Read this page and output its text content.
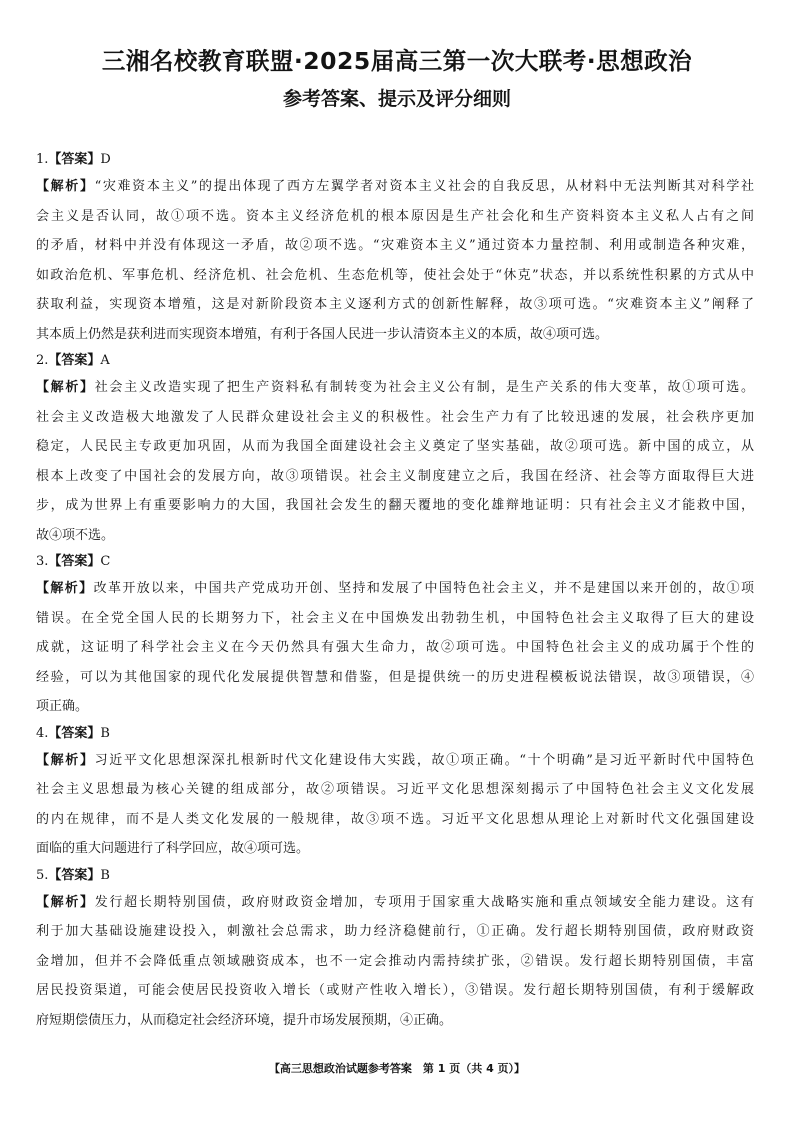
三湘名校教育联盟·2025届高三第一次大联考·思想政治
参考答案、提示及评分细则
1.【答案】D
【解析】“灾难资本主义”的提出体现了西方左翼学者对资本主义社会的自我反思，从材料中无法判断其对科学社
会主义是否认同，故①项不选。资本主义经济危机的根本原因是生产社会化和生产资料资本主义私人占有之间
的矛盾，材料中并没有体现这一矛盾，故②项不选。“灾难资本主义”通过资本力量控制、利用或制造各种灾难，
如政治危机、军事危机、经济危机、社会危机、生态危机等，使社会处于“休克”状态，并以系统性积累的方式从中
获取利益，实现资本增殖，这是对新阶段资本主义逐利方式的创新性解释，故③项可选。“灾难资本主义”阐释了
其本质上仍然是获利进而实现资本增殖，有利于各国人民进一步认清资本主义的本质，故④项可选。
2.【答案】A
【解析】社会主义改造实现了把生产资料私有制转变为社会主义公有制，是生产关系的伟大变革，故①项可选。
社会主义改造极大地激发了人民群众建设社会主义的积极性。社会生产力有了比较迅速的发展，社会秩序更加
稳定，人民民主专政更加巩固，从而为我国全面建设社会主义奠定了坚实基础，故②项可选。新中国的成立，从
根本上改变了中国社会的发展方向，故③项错误。社会主义制度建立之后，我国在经济、社会等方面取得巨大进
步，成为世界上有重要影响力的大国，我国社会发生的翻天覆地的变化雄辩地证明：只有社会主义才能救中国，
故④项不选。
3.【答案】C
【解析】改革开放以来，中国共产党成功开创、坚持和发展了中国特色社会主义，并不是建国以来开创的，故①项
错误。在全党全国人民的长期努力下，社会主义在中国焕发出勃勃生机，中国特色社会主义取得了巨大的建设
成就，这证明了科学社会主义在今天仍然具有强大生命力，故②项可选。中国特色社会主义的成功属于个性的
经验，可以为其他国家的现代化发展提供智慧和借鉴，但是提供统一的历史进程模板说法错误，故③项错误，④
项正确。
4.【答案】B
【解析】习近平文化思想深深扎根新时代文化建设伟大实践，故①项正确。“十个明确”是习近平新时代中国特色
社会主义思想最为核心关键的组成部分，故②项错误。习近平文化思想深刻揭示了中国特色社会主义文化发展
的内在规律，而不是人类文化发展的一般规律，故③项不选。习近平文化思想从理论上对新时代文化强国建设
面临的重大问题进行了科学回应，故④项可选。
5.【答案】B
【解析】发行超长期特别国债，政府财政资金增加，专项用于国家重大战略实施和重点领域安全能力建设。这有
利于加大基础设施建设投入，刺激社会总需求，助力经济稳健前行，①正确。发行超长期特别国债，政府财政资
金增加，但并不会降低重点领域融资成本，也不一定会推动内需持续扩张，②错误。发行超长期特别国债，丰富
居民投资渠道，可能会使居民投资收入增长（或财产性收入增长），③错误。发行超长期特别国债，有利于缓解政
府短期偿债压力，从而稳定社会经济环境，提升市场发展预期，④正确。
【高三思想政治试题参考答案　第 1 页（共 4 页）】
